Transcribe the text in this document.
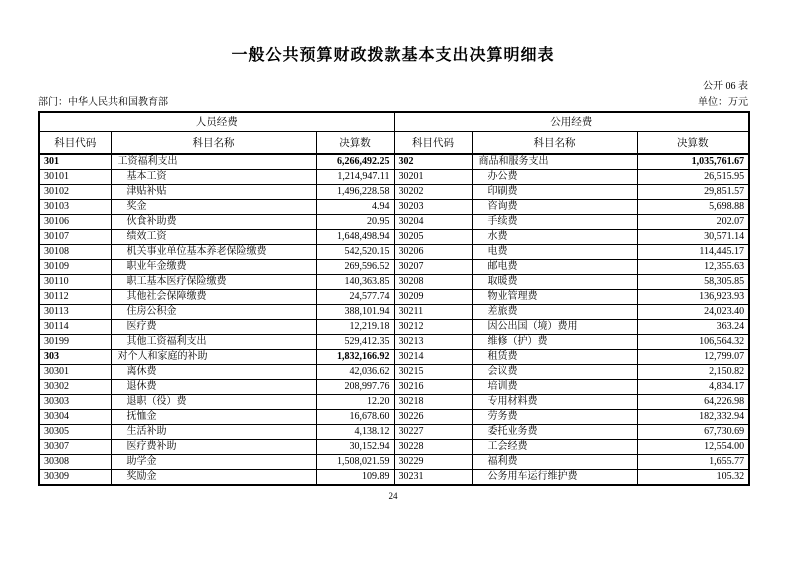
一般公共预算财政拨款基本支出决算明细表
公开 06 表
部门：中华人民共和国教育部	单位：万元
人员经费			公用经费		
科目代码	科目名称	决算数	科目代码	科目名称	决算数
301	工资福利支出	6,266,492.25	302	商品和服务支出	1,035,761.67
30101	基本工资	1,214,947.11	30201	办公费	26,515.95
30102	津贴补贴	1,496,228.58	30202	印刷费	29,851.57
30103	奖金	4.94	30203	咨询费	5,698.88
30106	伙食补助费	20.95	30204	手续费	202.07
30107	绩效工资	1,648,498.94	30205	水费	30,571.14
30108	机关事业单位基本养老保险缴费	542,520.15	30206	电费	114,445.17
30109	职业年金缴费	269,596.52	30207	邮电费	12,355.63
30110	职工基本医疗保险缴费	140,363.85	30208	取暖费	58,305.85
30112	其他社会保障缴费	24,577.74	30209	物业管理费	136,923.93
30113	住房公积金	388,101.94	30211	差旅费	24,023.40
30114	医疗费	12,219.18	30212	因公出国（境）费用	363.24
30199	其他工资福利支出	529,412.35	30213	维修（护）费	106,564.32
303	对个人和家庭的补助	1,832,166.92	30214	租赁费	12,799.07
30301	离休费	42,036.62	30215	会议费	2,150.82
30302	退休费	208,997.76	30216	培训费	4,834.17
30303	退职（役）费	12.20	30218	专用材料费	64,226.98
30304	抚恤金	16,678.60	30226	劳务费	182,332.94
30305	生活补助	4,138.12	30227	委托业务费	67,730.69
30307	医疗费补助	30,152.94	30228	工会经费	12,554.00
30308	助学金	1,508,021.59	30229	福利费	1,655.77
30309	奖励金	109.89	30231	公务用车运行维护费	105.32
24
